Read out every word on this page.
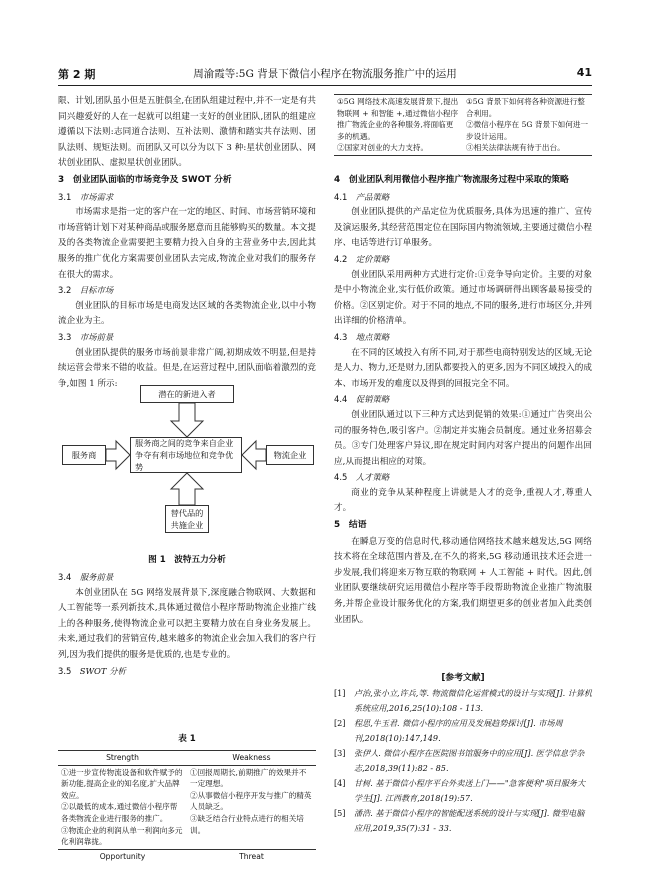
第 2 期	周渝霞等:5G 背景下微信小程序在物流服务推广中的运用	41

限、计划,团队虽小但是五脏俱全,在团队组建过程中,并不一定是有共同兴趣爱好的人在一起就可以组建一支好的创业团队,团队的组建应遵循以下法则:志同道合法则、互补法则、激情和踏实共存法则、团队法则、规矩法则。而团队又可以分为以下 3 种:星状创业团队、网状创业团队、虚拟星状创业团队。

3　创业团队面临的市场竞争及 SWOT 分析

3.1　 市场需求

市场需求是指一定的客户在一定的地区、时间、市场营销环境和市场营销计划下对某种商品或服务愿意而且能够购买的数量。本文提及的各类物流企业需要把主要精力投入自身的主营业务中去,因此其服务的推广优化方案需要创业团队去完成,物流企业对我们的服务存在很大的需求。

3.2　 目标市场

创业团队的目标市场是电商发达区域的各类物流企业,以中小物流企业为主。

3.3　 市场前景

创业团队提供的服务市场前景非常广阔,初期成效不明显,但是持续运营会带来不错的收益。但是,在运营过程中,团队面临着激烈的竞争,如图 1 所示:

潜在的新进入者
服务商
服务商之间的竞争来自企业争夺有利市场地位和竞争优势
物流企业
替代品的共施企业
图 1　波特五力分析

3.4　 服务前景

本创业团队在 5G 网络发展背景下,深度融合物联网、大数据和人工智能等一系列新技术,具体通过微信小程序帮助物流企业推广线上的各种服务,使得物流企业可以把主要精力放在自身业务发展上。未来,通过我们的营销宣传,越来越多的物流企业会加入我们的客户行列,因为我们提供的服务是优质的,也是专业的。

3.5　 SWOT 分析

表 1
Strength	Weakness
①进一步宣传物流设备和软件赋予的新功能,提高企业的知名度,扩大品牌效应。
②以最低的成本,通过微信小程序帮各类物流企业进行服务的推广。
③物流企业的利润从单一利润向多元化利润靠拢。	①回报周期长,前期推广的效果并不一定理想。
②从事微信小程序开发与推广的精英人员缺乏。
③缺乏结合行业特点进行的相关培训。
Opportunity	Threat
①5G 网络技术高速发展背景下,提出物联网 + 和智能 +,通过微信小程序推广物流企业的各种服务,将面临更多的机遇。
②国家对创业的大力支持。	①5G 背景下如何将各种资源进行整合利用。
②微信小程序在 5G 背景下如何进一步设计运用。
③相关法律法规有待于出台。

4　创业团队利用微信小程序推广物流服务过程中采取的策略

4.1　 产品策略

创业团队提供的产品定位为优质服务,具体为迅速的推广、宣传及演运服务,其经营范围定位在国际国内物流领域,主要通过微信小程序、电话等进行订单服务。

4.2　 定价策略

创业团队采用两种方式进行定价:①竞争导向定价。主要的对象是中小物流企业,实行低价政策。通过市场调研得出顾客最易接受的价格。②区别定价。对于不同的地点,不同的服务,进行市场区分,并列出详细的价格清单。

4.3　 地点策略

在不同的区域投入有所不同,对于那些电商特别发达的区域,无论是人力、物力,还是财力,团队都要投入的更多,因为不同区域投入的成本、市场开发的难度以及得到的回报完全不同。

4.4　 促销策略

创业团队通过以下三种方式达到促销的效果:①通过广告突出公司的服务特色,吸引客户。②制定并实施会员制度。通过业务招募会员。③专门处理客户异议,即在规定时间内对客户提出的问题作出回应,从而提出相应的对策。

4.5　 人才策略

商业的竞争从某种程度上讲就是人才的竞争,重视人才,尊重人才。

5　结语

在瞬息万变的信息时代,移动通信网络技术越来越发达,5G 网络技术将在全球范围内普及,在不久的将来,5G 移动通讯技术还会进一步发展,我们将迎来万物互联的物联网 + 人工智能 + 时代。因此,创业团队要继续研究运用微信小程序等手段帮助物流企业推广物流服务,并帮企业设计服务优化的方案,我们期望更多的创业者加入此类创业团队。

[参考文献]
[1]	卢治,张小立,许兵,等. 物流微信化运营模式的设计与实现[J]. 计算机系统应用,2016,25(10):108 - 113.
[2]	程思,牛玉君. 微信小程序的应用及发展趋势探讨[J]. 市场周刊,2018(10):147,149.
[3]	张伊人. 微信小程序在医院图书馆服务中的应用[J]. 医学信息学杂志,2018,39(11):82 - 85.
[4]	甘树. 基于微信小程序平台外卖送上门——"急客便利"项目服务大学生[J]. 江西教育,2018(19):57.
[5]	潘浩. 基于微信小程序的智能配送系统的设计与实现[J]. 微型电脑应用,2019,35(7):31 - 33.
